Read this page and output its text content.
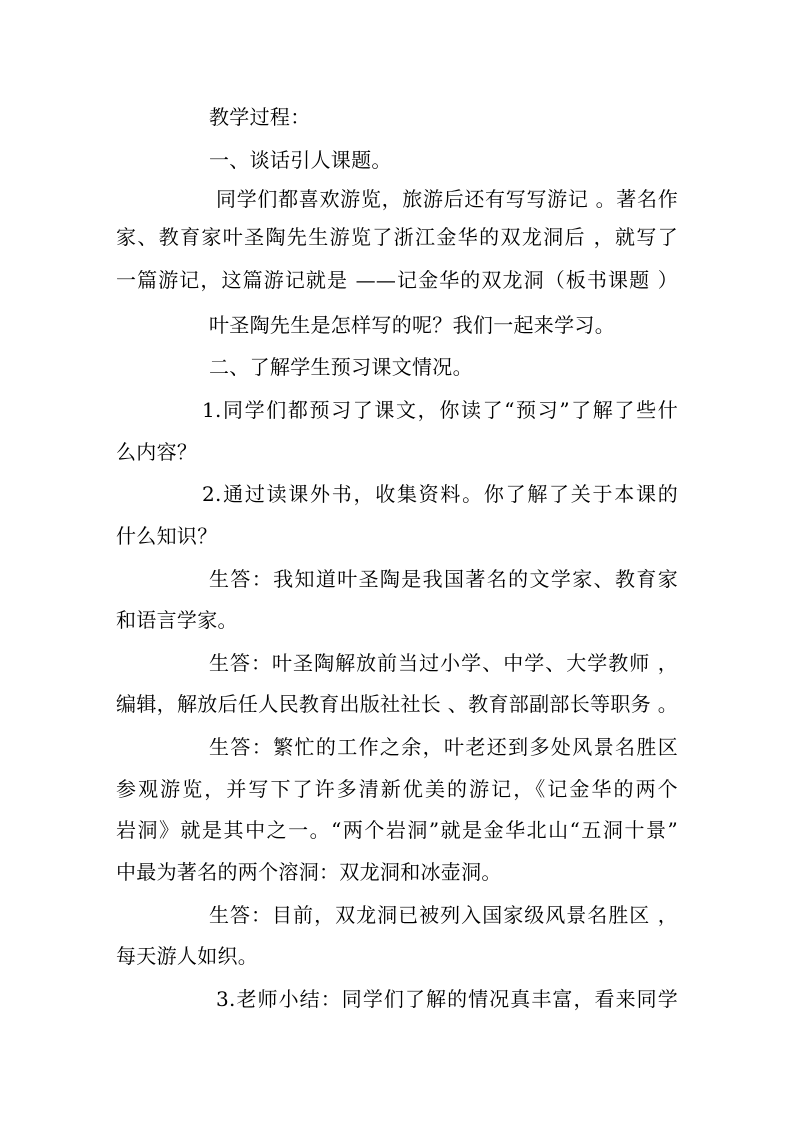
教学过程：
一、谈话引人课题。
同学们都喜欢游览，旅游后还有写写游记 。著名作
家、教育家叶圣陶先生游览了浙江金华的双龙洞后 ，就写了
一篇游记，这篇游记就是 ——记金华的双龙洞（板书课题 ）
叶圣陶先生是怎样写的呢？我们一起来学习。
二、了解学生预习课文情况。
1.同学们都预习了课文，你读了“预习”了解了些什
么内容？
2.通过读课外书，收集资料。你了解了关于本课的
什么知识？
生答：我知道叶圣陶是我国著名的文学家、教育家
和语言学家。
生答：叶圣陶解放前当过小学、中学、大学教师 ，
编辑，解放后任人民教育出版社社长 、教育部副部长等职务 。
生答：繁忙的工作之余，叶老还到多处风景名胜区
参观游览，并写下了许多清新优美的游记，《记金华的两个
岩洞》就是其中之一。“两个岩洞”就是金华北山“五洞十景”
中最为著名的两个溶洞：双龙洞和冰壶洞。
生答：目前，双龙洞已被列入国家级风景名胜区 ，
每天游人如织。
3.老师小结：同学们了解的情况真丰富，看来同学
